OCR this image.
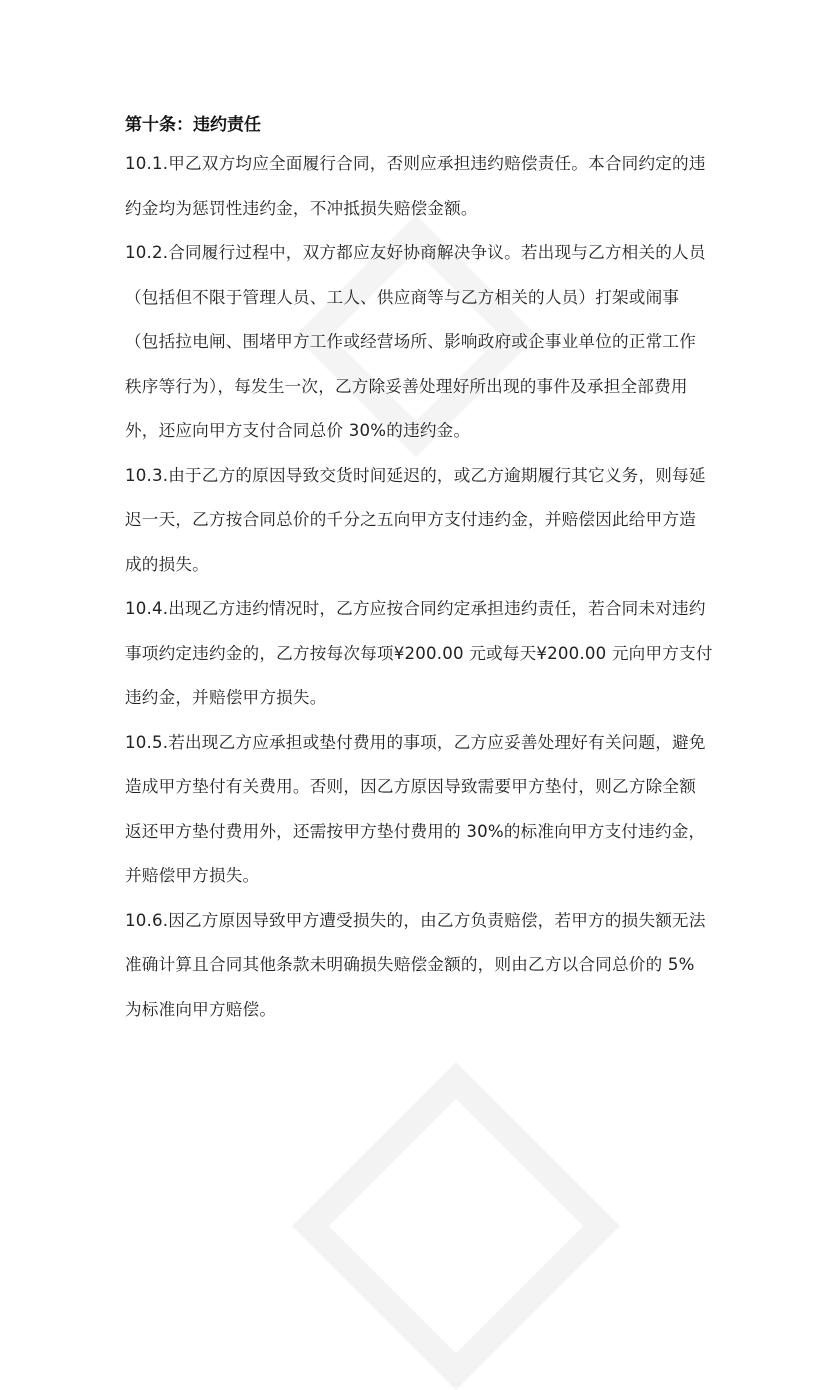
第十条：违约责任
10.1.甲乙双方均应全面履行合同，否则应承担违约赔偿责任。本合同约定的违
约金均为惩罚性违约金，不冲抵损失赔偿金额。
10.2.合同履行过程中，双方都应友好协商解决争议。若出现与乙方相关的人员
（包括但不限于管理人员、工人、供应商等与乙方相关的人员）打架或闹事
（包括拉电闸、围堵甲方工作或经营场所、影响政府或企事业单位的正常工作
秩序等行为），每发生一次，乙方除妥善处理好所出现的事件及承担全部费用
外，还应向甲方支付合同总价 30%的违约金。
10.3.由于乙方的原因导致交货时间延迟的，或乙方逾期履行其它义务，则每延
迟一天，乙方按合同总价的千分之五向甲方支付违约金，并赔偿因此给甲方造
成的损失。
10.4.出现乙方违约情况时，乙方应按合同约定承担违约责任，若合同未对违约
事项约定违约金的，乙方按每次每项¥200.00 元或每天¥200.00 元向甲方支付
违约金，并赔偿甲方损失。
10.5.若出现乙方应承担或垫付费用的事项，乙方应妥善处理好有关问题，避免
造成甲方垫付有关费用。否则，因乙方原因导致需要甲方垫付，则乙方除全额
返还甲方垫付费用外，还需按甲方垫付费用的 30%的标准向甲方支付违约金，
并赔偿甲方损失。
10.6.因乙方原因导致甲方遭受损失的，由乙方负责赔偿，若甲方的损失额无法
准确计算且合同其他条款未明确损失赔偿金额的，则由乙方以合同总价的 5%
为标准向甲方赔偿。
